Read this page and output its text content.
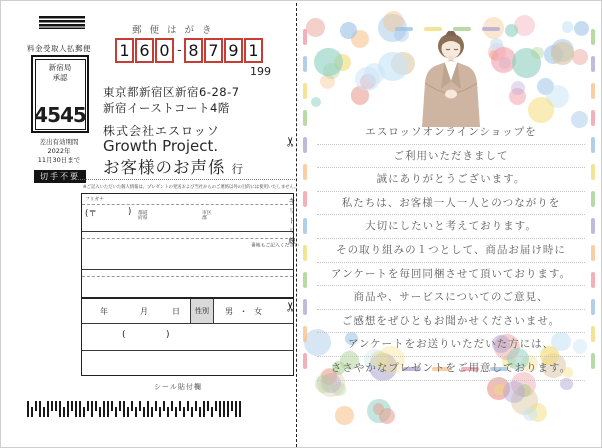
料金受取人払郵便
新宿局
承認
4545
差出有効期間
2022年
11月30日まで
切手不要
郵便はがき
1 6 0 - 8 7 9 1
199
東京都新宿区新宿6-28-7
新宿イーストコート4階
株式会社エスロッソ
Growth Project.
お客様のお声係 行
※ご記入いただいた個人情報は、プレゼントの発送および当社からのご連絡以外の目的には使用いたしません。
フリガナ
(〒	) 都道
府県
市区
郡
番地もご記入ください
年	月	日	性別	男 ・ 女
(	)
シール貼付欄
✂
✂
キリトリ線
エスロッソオンラインショップを
ご利用いただきまして
誠にありがとうございます。
私たちは、お客様一人一人とのつながりを
大切にしたいと考えております。
その取り組みの１つとして、商品お届け時に
アンケートを毎回同梱させて頂いております。
商品や、サービスについてのご意見、
ご感想をぜひともお聞かせくださいませ。
アンケートをお送りいただいた方には、
ささやかなプレゼントをご用意しております。
